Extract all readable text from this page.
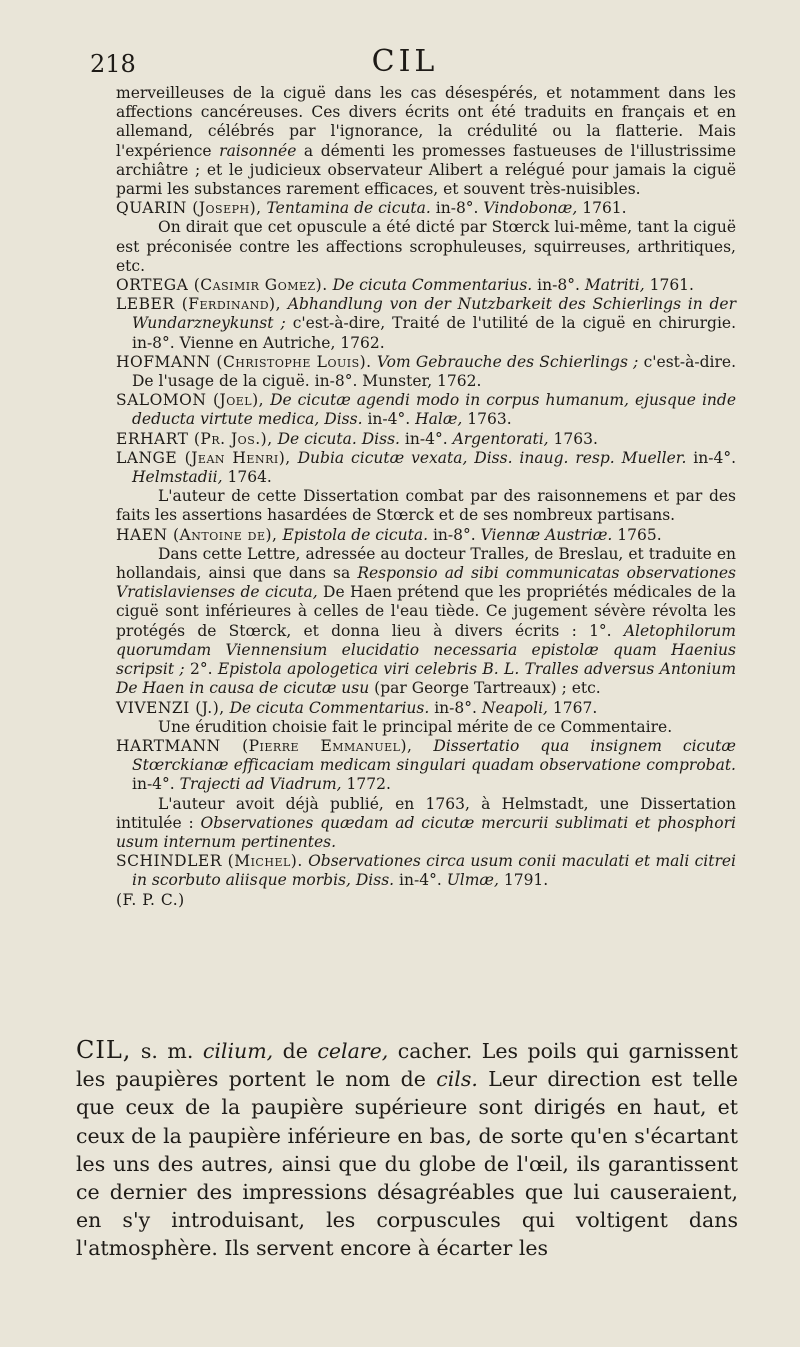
218	CIL

merveilleuses de la ciguë dans les cas désespérés, et notamment dans les affections cancéreuses. Ces divers écrits ont été traduits en français et en allemand, célébrés par l'ignorance, la crédulité ou la flatterie. Mais l'expérience raisonnée a démenti les promesses fastueuses de l'illustrissime archiâtre ; et le judicieux observateur Alibert a relégué pour jamais la ciguë parmi les substances rarement efficaces, et souvent très-nuisibles.

QUARIN (Joseph), Tentamina de cicuta. in-8°. Vindobonæ, 1761.

On dirait que cet opuscule a été dicté par Stœrck lui-même, tant la ciguë est préconisée contre les affections scrophuleuses, squirreuses, arthritiques, etc.

ORTEGA (Casimir Gomez). De cicuta Commentarius. in-8°. Matriti, 1761.

LEBER (Ferdinand), Abhandlung von der Nutzbarkeit des Schierlings in der Wundarzneykunst ; c'est-à-dire, Traité de l'utilité de la ciguë en chirurgie. in-8°. Vienne en Autriche, 1762.

HOFMANN (Christophe Louis). Vom Gebrauche des Schierlings ; c'est-à-dire. De l'usage de la ciguë. in-8°. Munster, 1762.

SALOMON (Joel), De cicutæ agendi modo in corpus humanum, ejusque inde deducta virtute medica, Diss. in-4°. Halæ, 1763.

ERHART (Pr. Jos.), De cicuta. Diss. in-4°. Argentorati, 1763.

LANGE (Jean Henri), Dubia cicutæ vexata, Diss. inaug. resp. Mueller. in-4°. Helmstadii, 1764.

L'auteur de cette Dissertation combat par des raisonnemens et par des faits les assertions hasardées de Stœrck et de ses nombreux partisans.

HAEN (Antoine de), Epistola de cicuta. in-8°. Viennæ Austriæ. 1765.

Dans cette Lettre, adressée au docteur Tralles, de Breslau, et traduite en hollandais, ainsi que dans sa Responsio ad sibi communicatas observationes Vratislavienses de cicuta, De Haen prétend que les propriétés médicales de la ciguë sont inférieures à celles de l'eau tiède. Ce jugement sévère révolta les protégés de Stœrck, et donna lieu à divers écrits : 1°. Aletophilorum quorumdam Viennensium elucidatio necessaria epistolæ quam Haenius scripsit ; 2°. Epistola apologetica viri celebris B. L. Tralles adversus Antonium De Haen in causa de cicutæ usu (par George Tartreaux) ; etc.

VIVENZI (J.), De cicuta Commentarius. in-8°. Neapoli, 1767.

Une érudition choisie fait le principal mérite de ce Commentaire.

HARTMANN (Pierre Emmanuel), Dissertatio qua insignem cicutæ Stœrckianæ efficaciam medicam singulari quadam observatione comprobat. in-4°. Trajecti ad Viadrum, 1772.

L'auteur avoit déjà publié, en 1763, à Helmstadt, une Dissertation intitulée : Observationes quædam ad cicutæ mercurii sublimati et phosphori usum internum pertinentes.

SCHINDLER (Michel). Observationes circa usum conii maculati et mali citrei in scorbuto aliisque morbis, Diss. in-4°. Ulmæ, 1791.

(F. P. C.)

CIL, s. m. cilium, de celare, cacher. Les poils qui garnissent les paupières portent le nom de cils. Leur direction est telle que ceux de la paupière supérieure sont dirigés en haut, et ceux de la paupière inférieure en bas, de sorte qu'en s'écartant les uns des autres, ainsi que du globe de l'œil, ils garantissent ce dernier des impressions désagréables que lui causeraient, en s'y introduisant, les corpuscules qui voltigent dans l'atmosphère. Ils servent encore à écarter les
